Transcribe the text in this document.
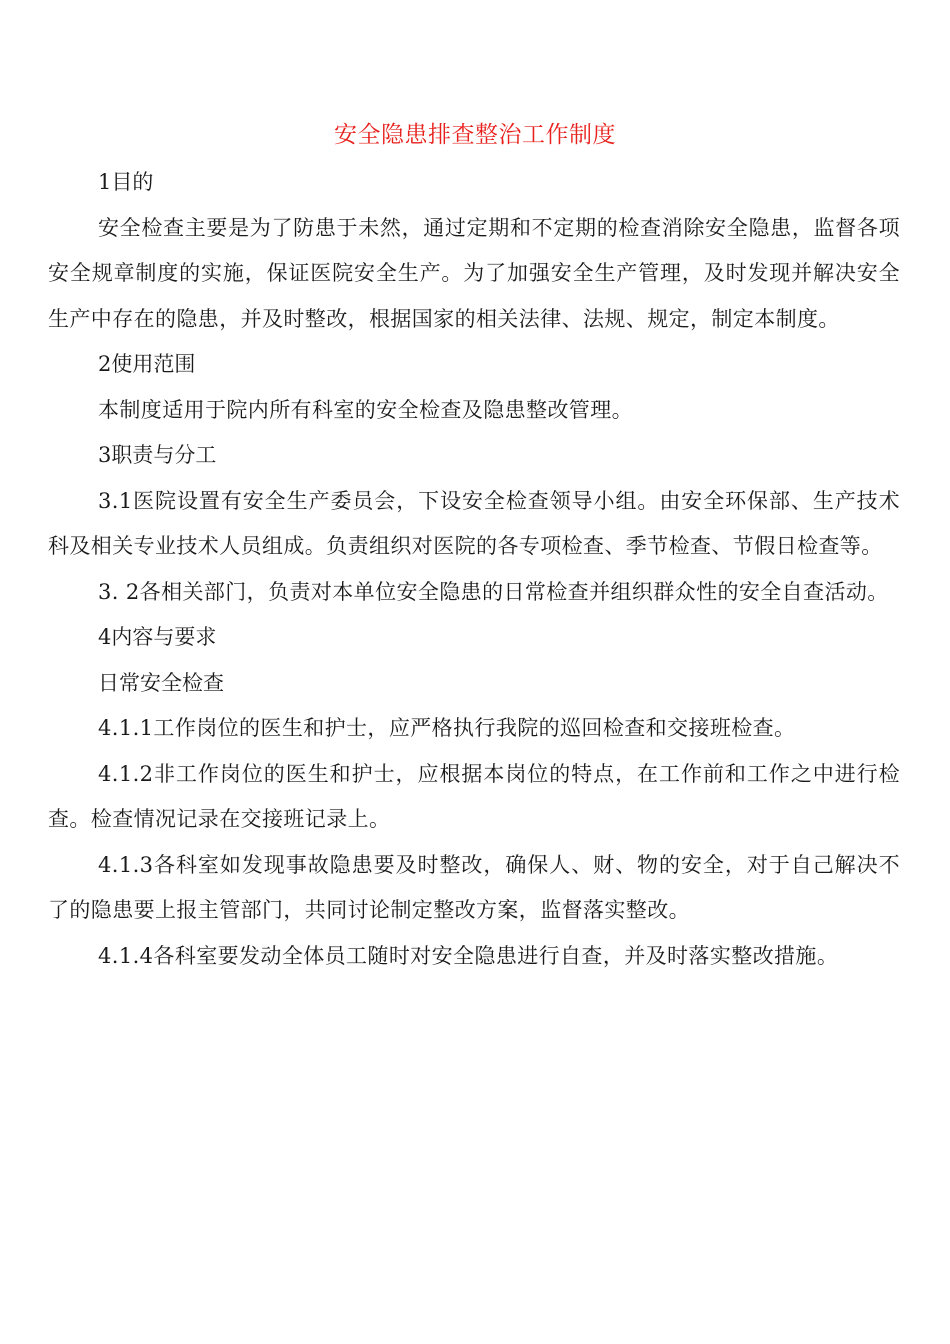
安全隐患排查整治工作制度

1目的

安全检查主要是为了防患于未然，通过定期和不定期的检查消除安全隐患，监督各项安全规章制度的实施，保证医院安全生产。为了加强安全生产管理，及时发现并解决安全生产中存在的隐患，并及时整改，根据国家的相关法律、法规、规定，制定本制度。

2使用范围

本制度适用于院内所有科室的安全检查及隐患整改管理。

3职责与分工

3.1医院设置有安全生产委员会，下设安全检查领导小组。由安全环保部、生产技术科及相关专业技术人员组成。负责组织对医院的各专项检查、季节检查、节假日检查等。

3. 2各相关部门，负责对本单位安全隐患的日常检查并组织群众性的安全自查活动。

4内容与要求

日常安全检查

4.1.1工作岗位的医生和护士，应严格执行我院的巡回检查和交接班检查。

4.1.2非工作岗位的医生和护士，应根据本岗位的特点，在工作前和工作之中进行检查。检查情况记录在交接班记录上。

4.1.3各科室如发现事故隐患要及时整改，确保人、财、物的安全，对于自己解决不了的隐患要上报主管部门，共同讨论制定整改方案，监督落实整改。

4.1.4各科室要发动全体员工随时对安全隐患进行自查，并及时落实整改措施。
